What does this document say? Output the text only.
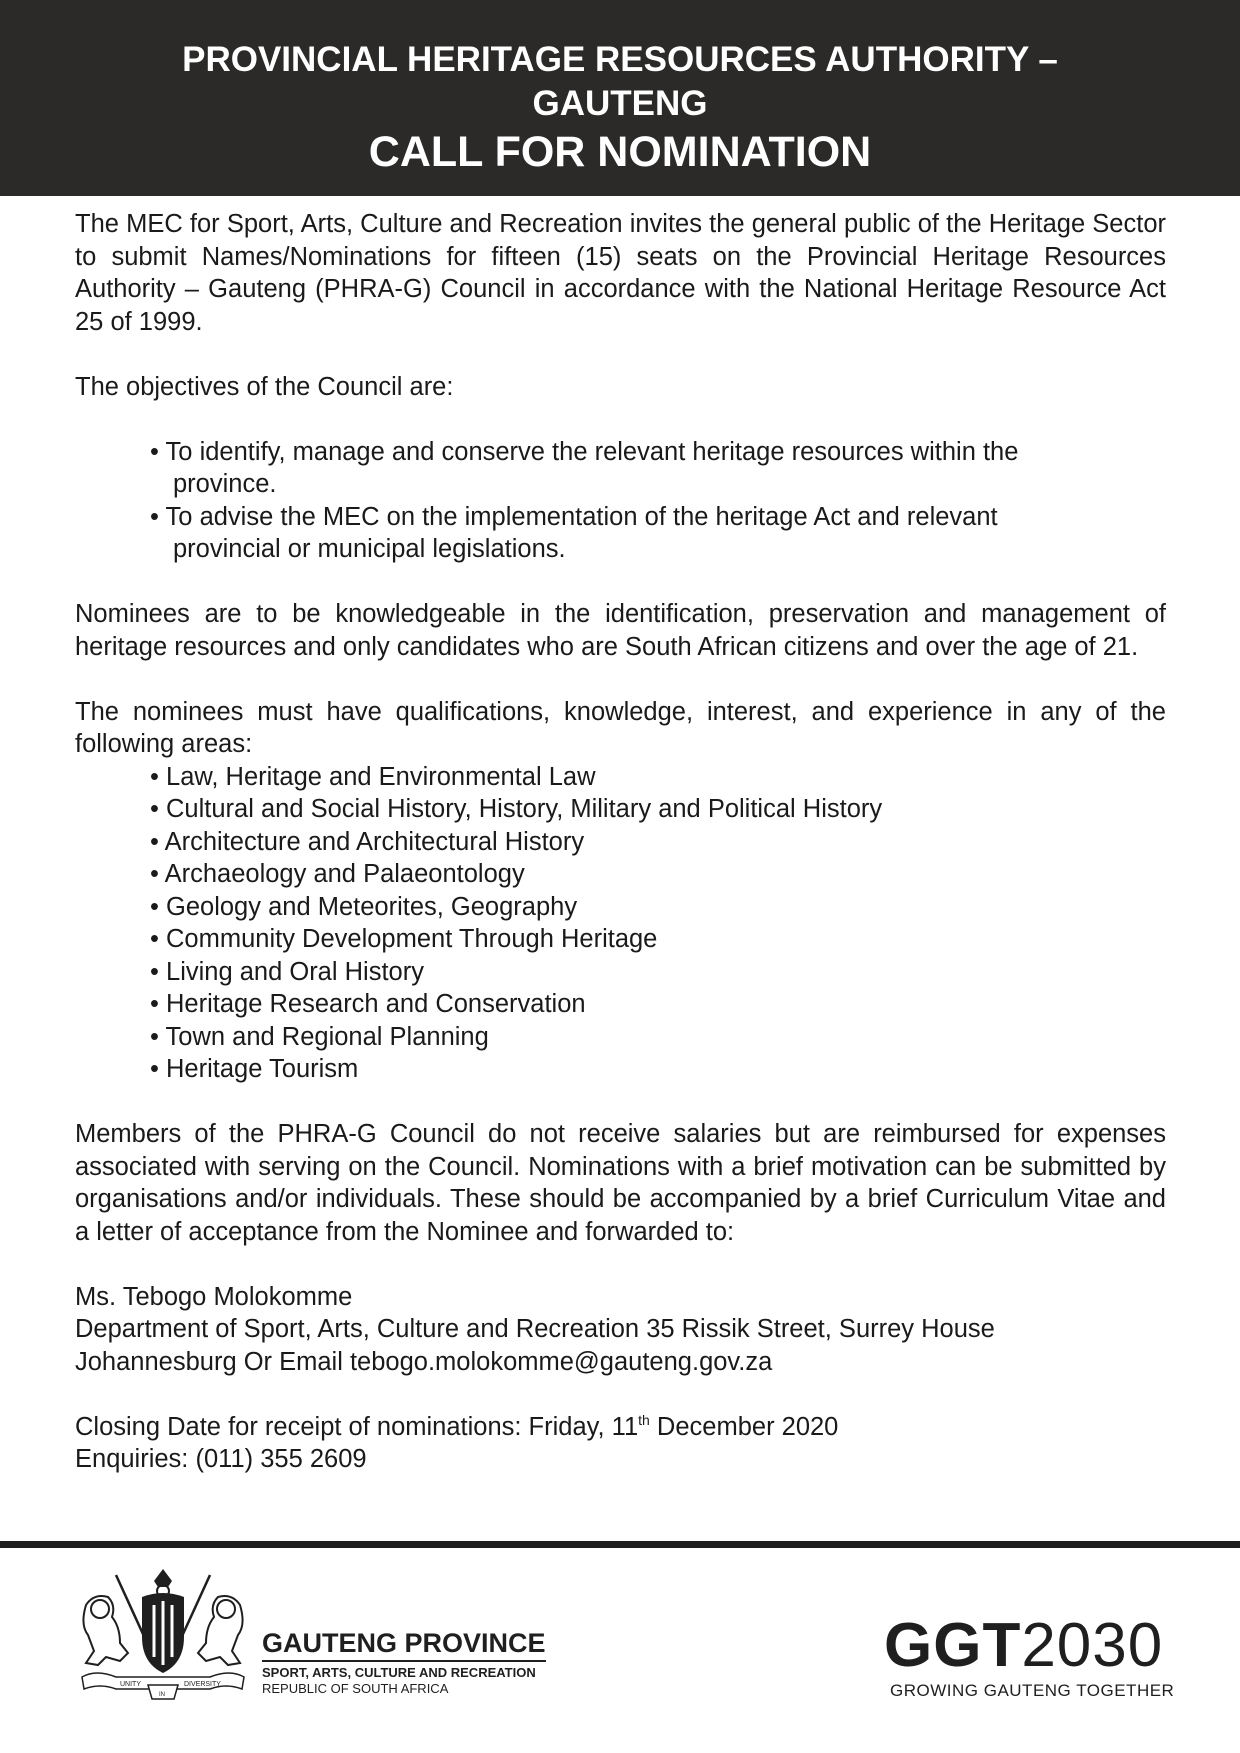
PROVINCIAL HERITAGE RESOURCES AUTHORITY –
GAUTENG
CALL FOR NOMINATION

The MEC for Sport, Arts, Culture and Recreation invites the general public of the Heritage Sector to submit Names/Nominations for fifteen (15) seats on the Provincial Heritage Resources Authority – Gauteng (PHRA-G) Council in accordance with the National Heritage Resource Act 25 of 1999.

The objectives of the Council are:

• To identify, manage and conserve the relevant heritage resources within the
province.
• To advise the MEC on the implementation of the heritage Act and relevant
provincial or municipal legislations.

Nominees are to be knowledgeable in the identification, preservation and management of heritage resources and only candidates who are South African citizens and over the age of 21.

The nominees must have qualifications, knowledge, interest, and experience in any of the following areas:

• Law, Heritage and Environmental Law
• Cultural and Social History, History, Military and Political History
• Architecture and Architectural History
• Archaeology and Palaeontology
• Geology and Meteorites, Geography
• Community Development Through Heritage
• Living and Oral History
• Heritage Research and Conservation
• Town and Regional Planning
• Heritage Tourism

Members of the PHRA-G Council do not receive salaries but are reimbursed for expenses associated with serving on the Council. Nominations with a brief motivation can be submitted by organisations and/or individuals. These should be accompanied by a brief Curriculum Vitae and a letter of acceptance from the Nominee and forwarded to:

Ms. Tebogo Molokomme

Department of Sport, Arts, Culture and Recreation 35 Rissik Street, Surrey House

Johannesburg Or Email tebogo.molokomme@gauteng.gov.za

Closing Date for receipt of nominations: Friday, 11th December 2020

Enquiries: (011) 355 2609

UNITY
IN
DIVERSITY
GAUTENG PROVINCE
SPORT, ARTS, CULTURE AND RECREATION
REPUBLIC OF SOUTH AFRICA
GGT2030
GROWING GAUTENG TOGETHER
